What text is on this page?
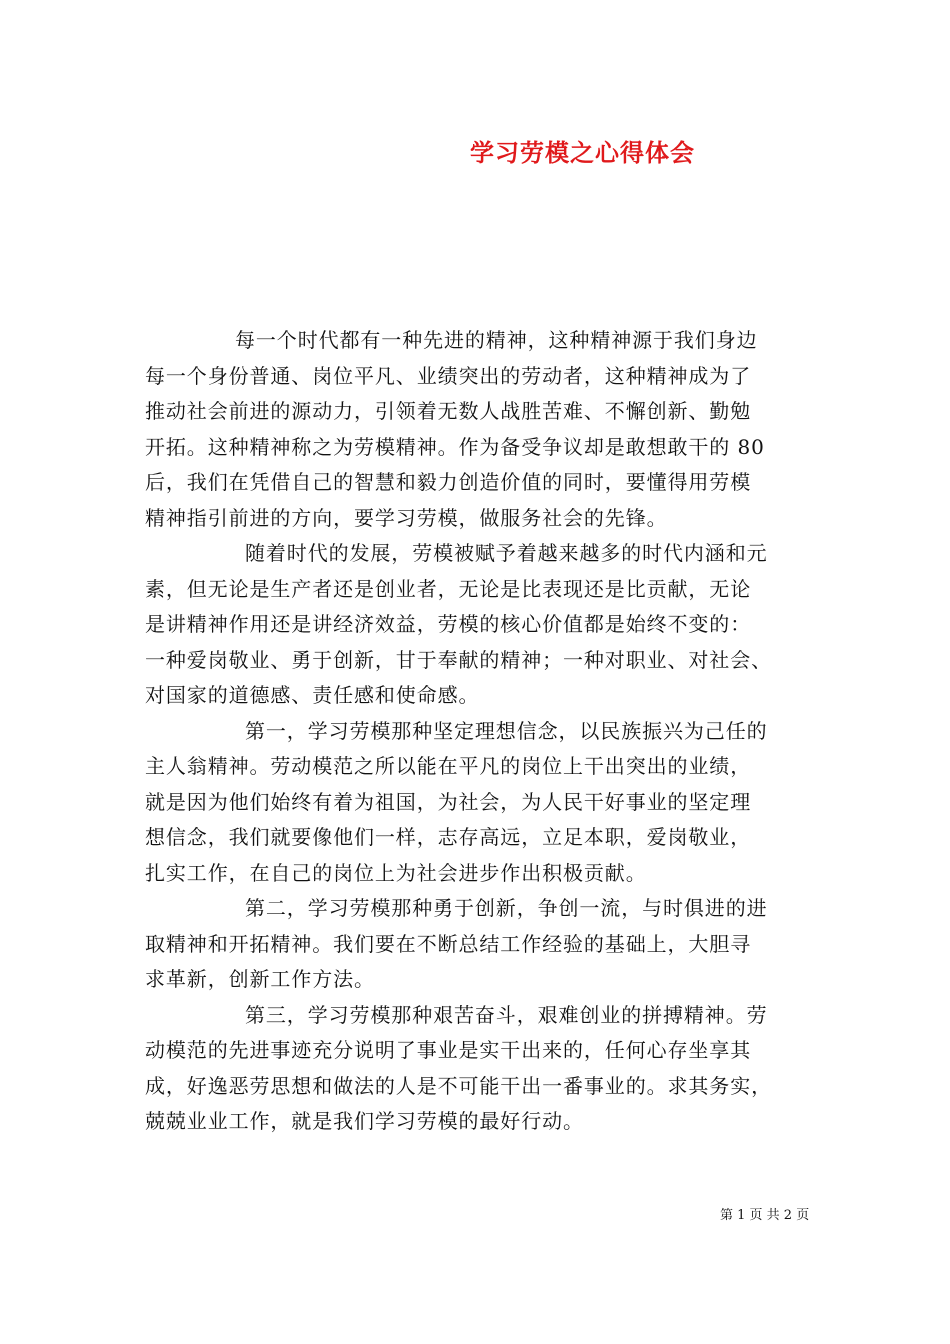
学习劳模之心得体会
每一个时代都有一种先进的精神，这种精神源于我们身边
每一个身份普通、岗位平凡、业绩突出的劳动者，这种精神成为了
推动社会前进的源动力，引领着无数人战胜苦难、不懈创新、勤勉
开拓。这种精神称之为劳模精神。作为备受争议却是敢想敢干的 80
后，我们在凭借自己的智慧和毅力创造价值的同时，要懂得用劳模
精神指引前进的方向，要学习劳模，做服务社会的先锋。
随着时代的发展，劳模被赋予着越来越多的时代内涵和元
素，但无论是生产者还是创业者，无论是比表现还是比贡献，无论
是讲精神作用还是讲经济效益，劳模的核心价值都是始终不变的：
一种爱岗敬业、勇于创新，甘于奉献的精神；一种对职业、对社会、
对国家的道德感、责任感和使命感。
第一，学习劳模那种坚定理想信念，以民族振兴为己任的
主人翁精神。劳动模范之所以能在平凡的岗位上干出突出的业绩，
就是因为他们始终有着为祖国，为社会，为人民干好事业的坚定理
想信念，我们就要像他们一样，志存高远，立足本职，爱岗敬业，
扎实工作，在自己的岗位上为社会进步作出积极贡献。
第二，学习劳模那种勇于创新，争创一流，与时俱进的进
取精神和开拓精神。我们要在不断总结工作经验的基础上，大胆寻
求革新，创新工作方法。
第三，学习劳模那种艰苦奋斗，艰难创业的拼搏精神。劳
动模范的先进事迹充分说明了事业是实干出来的，任何心存坐享其
成，好逸恶劳思想和做法的人是不可能干出一番事业的。求其务实，
兢兢业业工作，就是我们学习劳模的最好行动。
第 1 页 共 2 页
